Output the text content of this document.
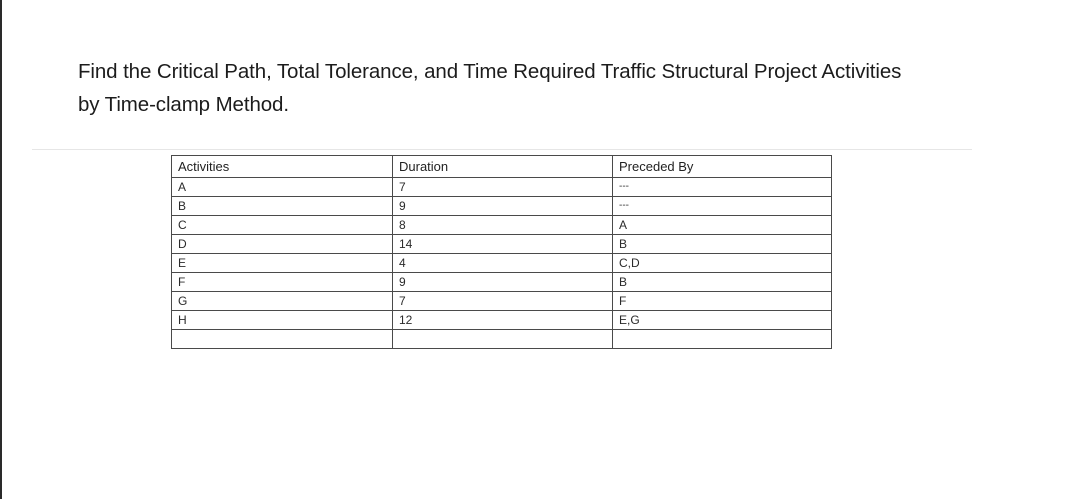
Find the Critical Path, Total Tolerance, and Time Required Traffic Structural Project Activities
by Time-clamp Method.
Activities	Duration	Preceded By
A	7	---
B	9	---
C	8	A
D	14	B
E	4	C,D
F	9	B
G	7	F
H	12	E,G
